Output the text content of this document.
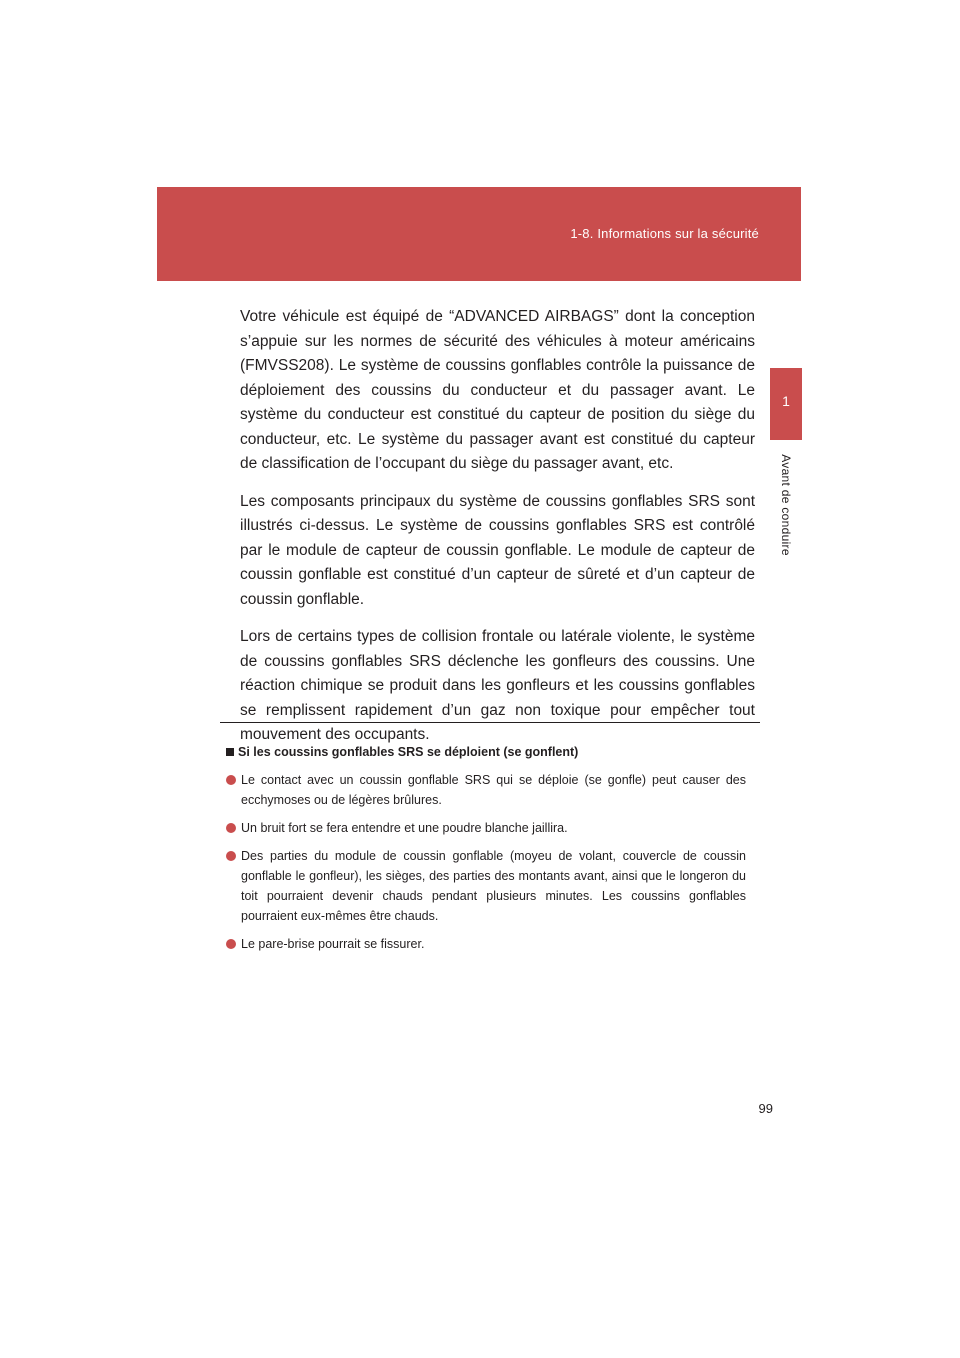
1-8. Informations sur la sécurité
1
Avant de conduire

Votre véhicule est équipé de “ADVANCED AIRBAGS” dont la conception s’appuie sur les normes de sécurité des véhicules à moteur américains (FMVSS208). Le système de coussins gonflables contrôle la puissance de déploiement des coussins du conducteur et du passager avant. Le système du conducteur est constitué du capteur de position du siège du conducteur, etc. Le système du passager avant est constitué du capteur de classification de l’occupant du siège du passager avant, etc.

Les composants principaux du système de coussins gonflables SRS sont illustrés ci-dessus. Le système de coussins gonflables SRS est contrôlé par le module de capteur de coussin gonflable. Le module de capteur de coussin gonflable est constitué d’un capteur de sûreté et d’un capteur de coussin gonflable.

Lors de certains types de collision frontale ou latérale violente, le système de coussins gonflables SRS déclenche les gonfleurs des coussins. Une réaction chimique se produit dans les gonfleurs et les coussins gonflables se remplissent rapidement d’un gaz non toxique pour empêcher tout mouvement des occupants.

Si les coussins gonflables SRS se déploient (se gonflent)
Le contact avec un coussin gonflable SRS qui se déploie (se gonfle) peut causer des ecchymoses ou de légères brûlures.
Un bruit fort se fera entendre et une poudre blanche jaillira.
Des parties du module de coussin gonflable (moyeu de volant, couvercle de coussin gonflable le gonfleur), les sièges, des parties des montants avant, ainsi que le longeron du toit pourraient devenir chauds pendant plusieurs minutes. Les coussins gonflables pourraient eux-mêmes être chauds.
Le pare-brise pourrait se fissurer.
99
